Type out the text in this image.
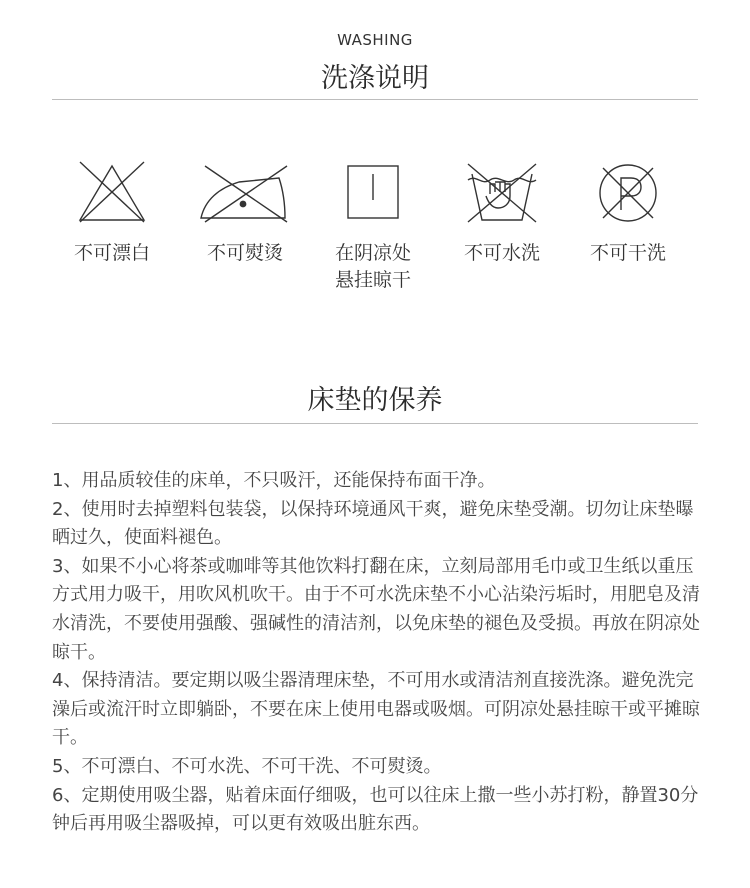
WASHING
洗涤说明
不可漂白	不可熨烫	在阴凉处
悬挂晾干
不可水洗	不可干洗
床垫的保养
1、用品质较佳的床单，不只吸汗，还能保持布面干净。
2、使用时去掉塑料包装袋，以保持环境通风干爽，避免床垫受潮。切勿让床垫曝晒过久，使面料褪色。
3、如果不小心将茶或咖啡等其他饮料打翻在床，立刻局部用毛巾或卫生纸以重压方式用力吸干，用吹风机吹干。由于不可水洗床垫不小心沾染污垢时，用肥皂及清水清洗，不要使用强酸、强碱性的清洁剂，以免床垫的褪色及受损。再放在阴凉处晾干。
4、保持清洁。要定期以吸尘器清理床垫，不可用水或清洁剂直接洗涤。避免洗完澡后或流汗时立即躺卧，不要在床上使用电器或吸烟。可阴凉处悬挂晾干或平摊晾干。
5、不可漂白、不可水洗、不可干洗、不可熨烫。
6、定期使用吸尘器，贴着床面仔细吸，也可以往床上撒一些小苏打粉，静置30分钟后再用吸尘器吸掉，可以更有效吸出脏东西。
